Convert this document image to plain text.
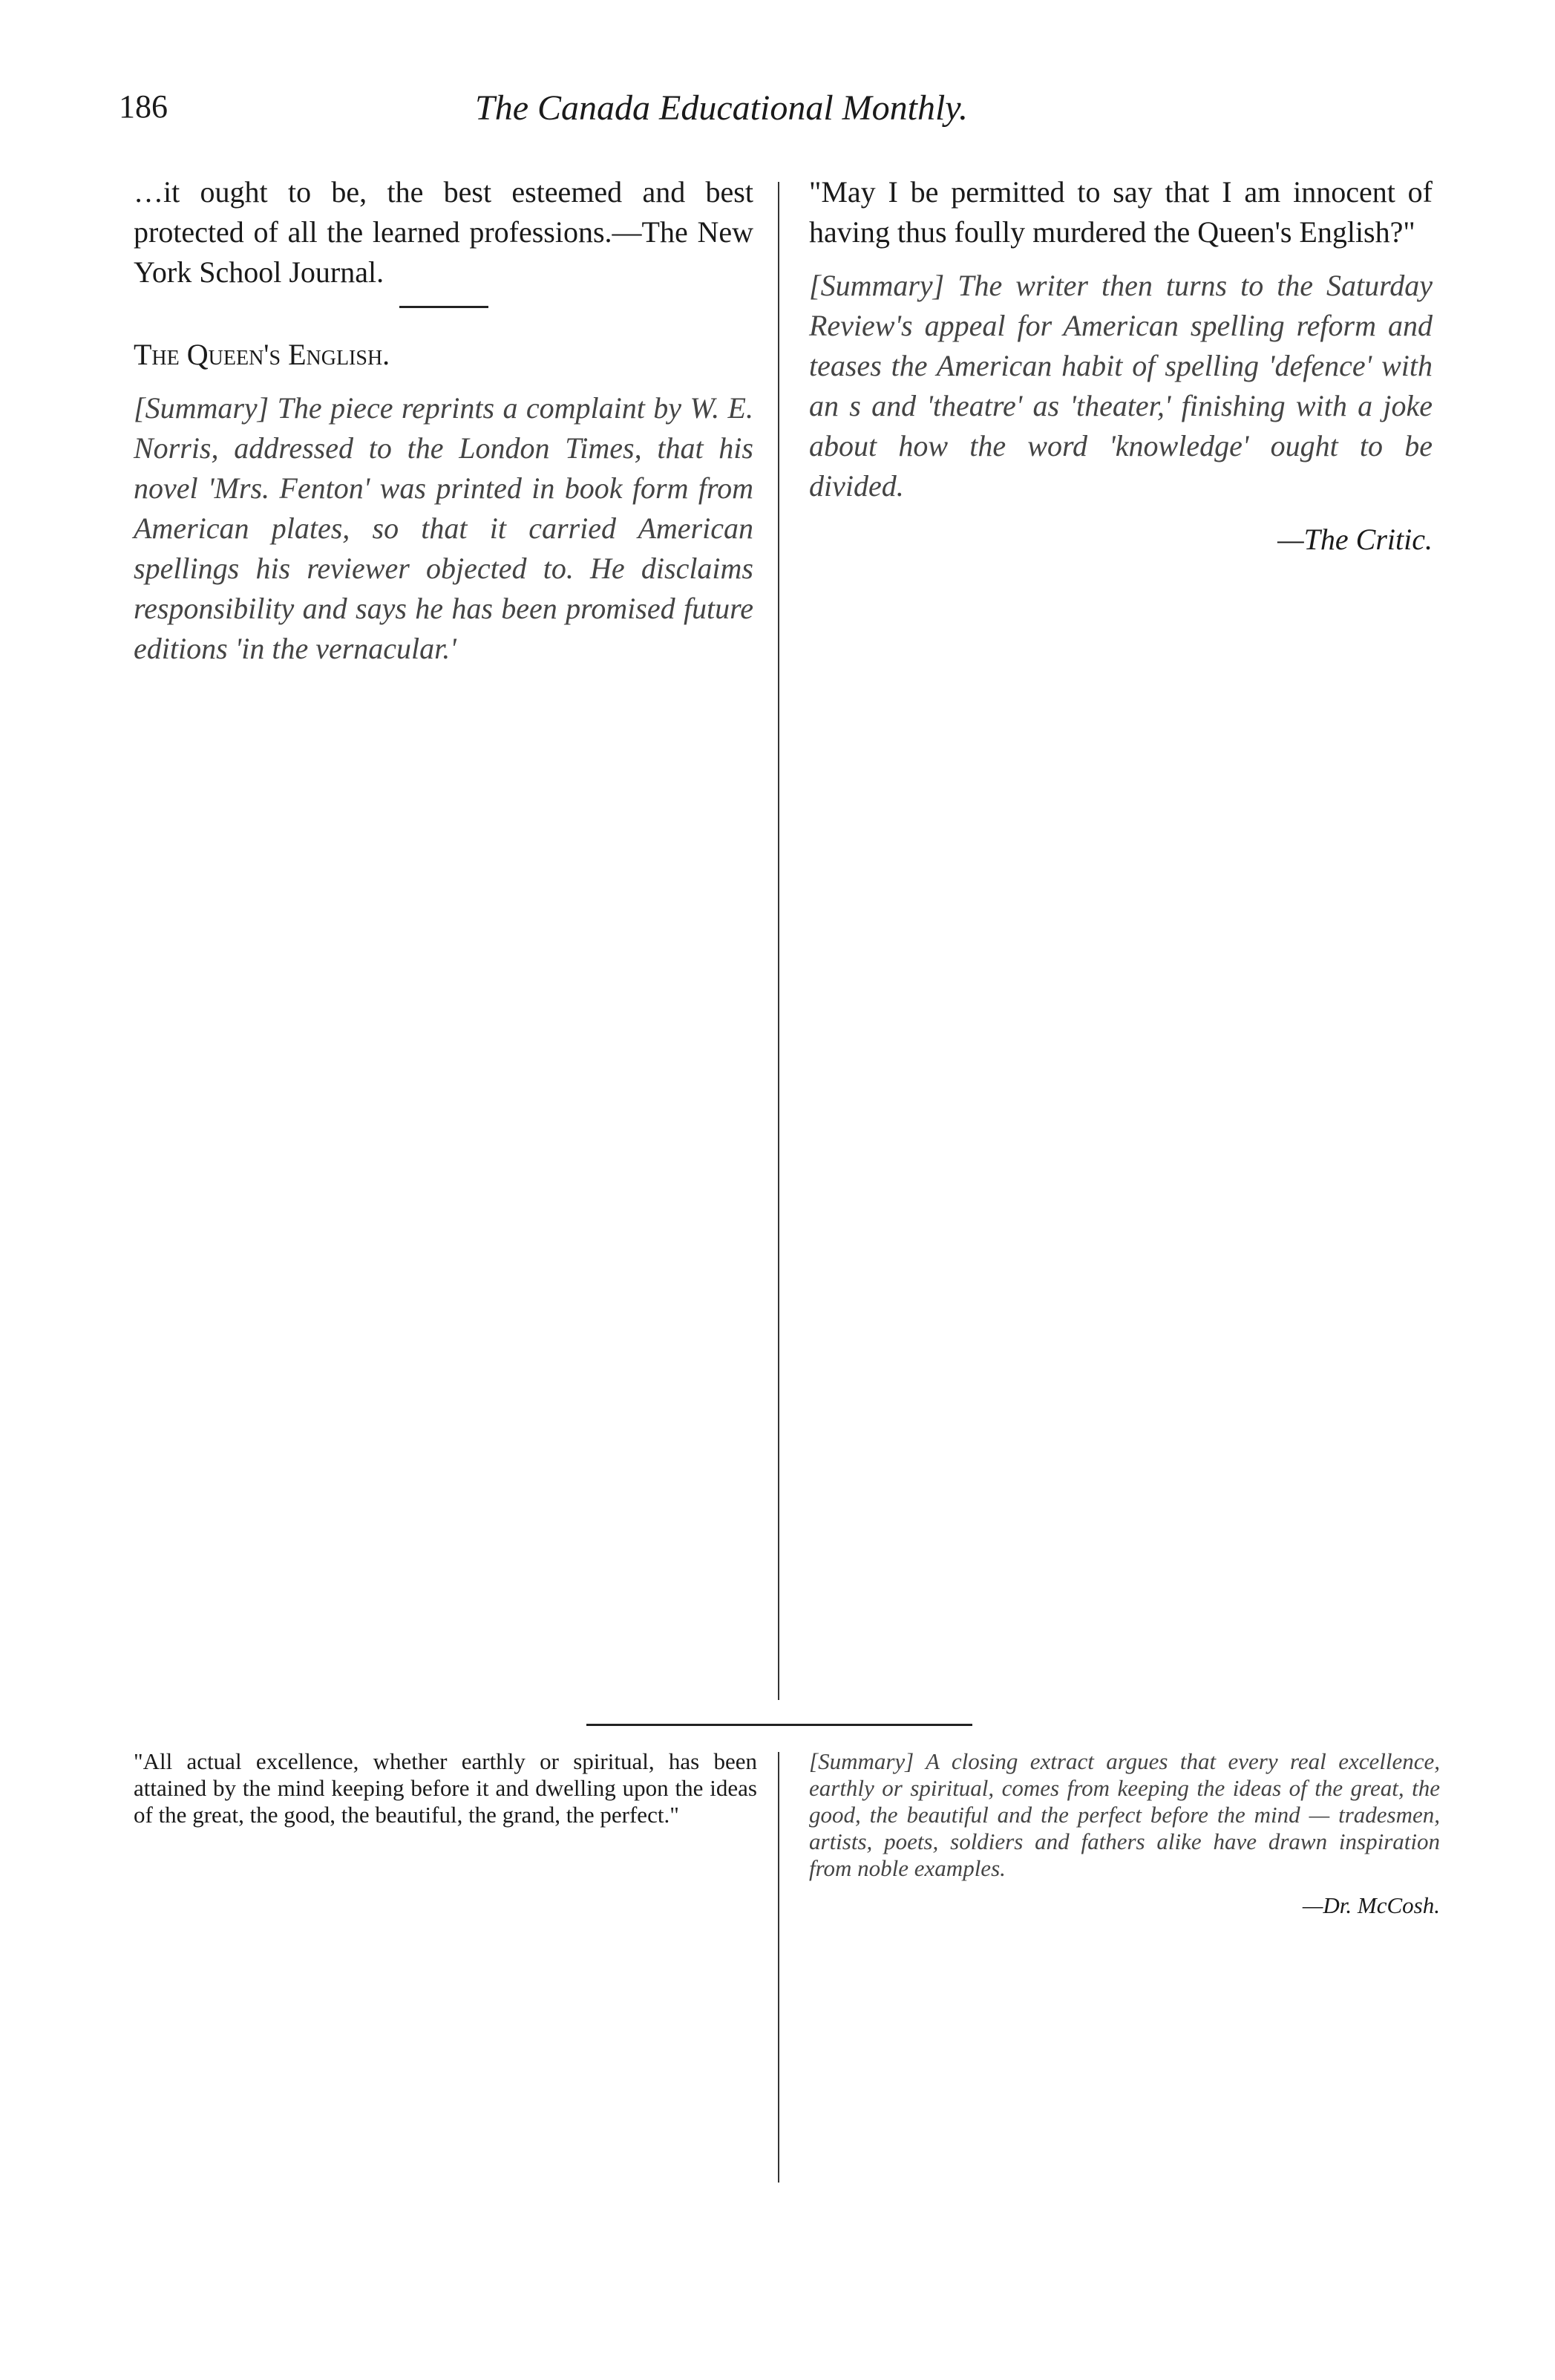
186	The Canada Educational Monthly.

…it ought to be, the best esteemed and best protected of all the learned professions.—The New York School Journal.

The Queen's English.

[Summary] The piece reprints a complaint by W. E. Norris, addressed to the London Times, that his novel 'Mrs. Fenton' was printed in book form from American plates, so that it carried American spellings his reviewer objected to. He disclaims responsibility and says he has been promised future editions 'in the vernacular.'

"May I be permitted to say that I am innocent of having thus foully murdered the Queen's English?"

[Summary] The writer then turns to the Saturday Review's appeal for American spelling reform and teases the American habit of spelling 'defence' with an s and 'theatre' as 'theater,' finishing with a joke about how the word 'knowledge' ought to be divided.

—The Critic.

"All actual excellence, whether earthly or spiritual, has been attained by the mind keeping before it and dwelling upon the ideas of the great, the good, the beautiful, the grand, the perfect."

[Summary] A closing extract argues that every real excellence, earthly or spiritual, comes from keeping the ideas of the great, the good, the beautiful and the perfect before the mind — tradesmen, artists, poets, soldiers and fathers alike have drawn inspiration from noble examples.

—Dr. McCosh.
